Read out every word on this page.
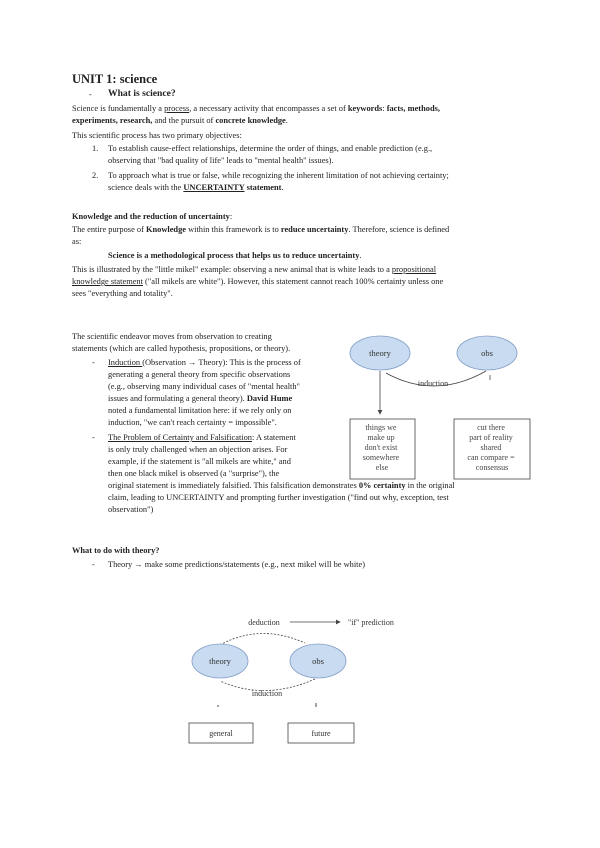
UNIT 1: science
- What is science?
Science is fundamentally a process, a necessary activity that encompasses a set of keywords: facts, methods,
experiments, research, and the pursuit of concrete knowledge.
This scientific process has two primary objectives:
1. To establish cause-effect relationships, determine the order of things, and enable prediction (e.g.,
observing that "bad quality of life" leads to "mental health" issues).
2. To approach what is true or false, while recognizing the inherent limitation of not achieving certainty;
science deals with the UNCERTAINTY statement.
Knowledge and the reduction of uncertainty:
The entire purpose of Knowledge within this framework is to reduce uncertainty. Therefore, science is defined
as:
Science is a methodological process that helps us to reduce uncertainty.
This is illustrated by the "little mikel" example: observing a new animal that is white leads to a propositional
knowledge statement ("all mikels are white"). However, this statement cannot reach 100% certainty unless one
sees "everything and totality".
The scientific endeavor moves from observation to creating
statements (which are called hypothesis, propositions, or theory).
- Induction (Observation → Theory): This is the process of
generating a general theory from specific observations
(e.g., observing many individual cases of "mental health"
issues and formulating a general theory). David Hume
noted a fundamental limitation here: if we rely only on
induction, "we can't reach certainty = impossible".
- The Problem of Certainty and Falsification: A statement
is only truly challenged when an objection arises. For
example, if the statement is "all mikels are white," and
then one black mikel is observed (a "surprise"), the
original statement is immediately falsified. This falsification demonstrates 0% certainty in the original
claim, leading to UNCERTAINTY and prompting further investigation ("find out why, exception, test
observation")
theory	obs
induction
things we make up don't exist somewhere else
cut there part of reality shared can compare = consensus
What to do with theory?
- Theory → make some predictions/statements (e.g., next mikel will be white)
deduction	"if" prediction
theory	obs
induction
general	future
